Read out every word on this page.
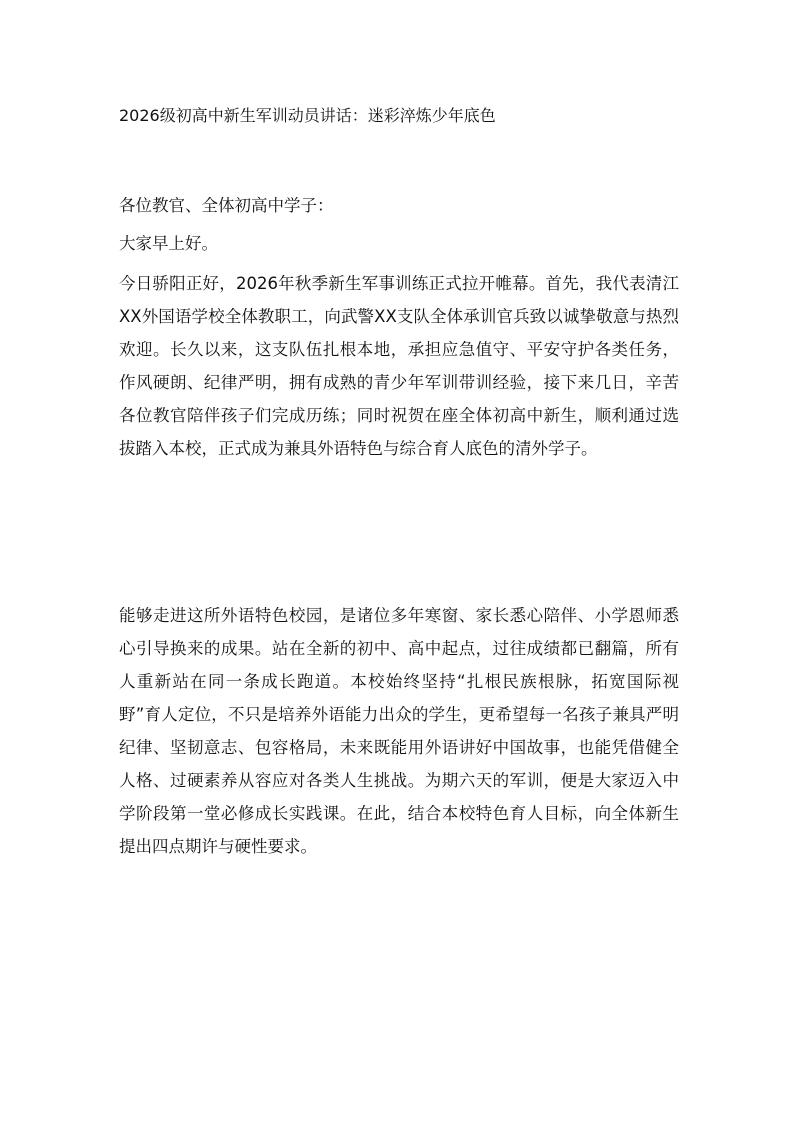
2026级初高中新生军训动员讲话：迷彩淬炼少年底色

各位教官、全体初高中学子：

大家早上好。

今日骄阳正好，2026年秋季新生军事训练正式拉开帷幕。首先，我代表清江XX外国语学校全体教职工，向武警XX支队全体承训官兵致以诚挚敬意与热烈欢迎。长久以来，这支队伍扎根本地，承担应急值守、平安守护各类任务，作风硬朗、纪律严明，拥有成熟的青少年军训带训经验，接下来几日，辛苦各位教官陪伴孩子们完成历练；同时祝贺在座全体初高中新生，顺利通过选拔踏入本校，正式成为兼具外语特色与综合育人底色的清外学子。

能够走进这所外语特色校园，是诸位多年寒窗、家长悉心陪伴、小学恩师悉心引导换来的成果。站在全新的初中、高中起点，过往成绩都已翻篇，所有人重新站在同一条成长跑道。本校始终坚持“扎根民族根脉，拓宽国际视野”育人定位，不只是培养外语能力出众的学生，更希望每一名孩子兼具严明纪律、坚韧意志、包容格局，未来既能用外语讲好中国故事，也能凭借健全人格、过硬素养从容应对各类人生挑战。为期六天的军训，便是大家迈入中学阶段第一堂必修成长实践课。在此，结合本校特色育人目标，向全体新生提出四点期许与硬性要求。
